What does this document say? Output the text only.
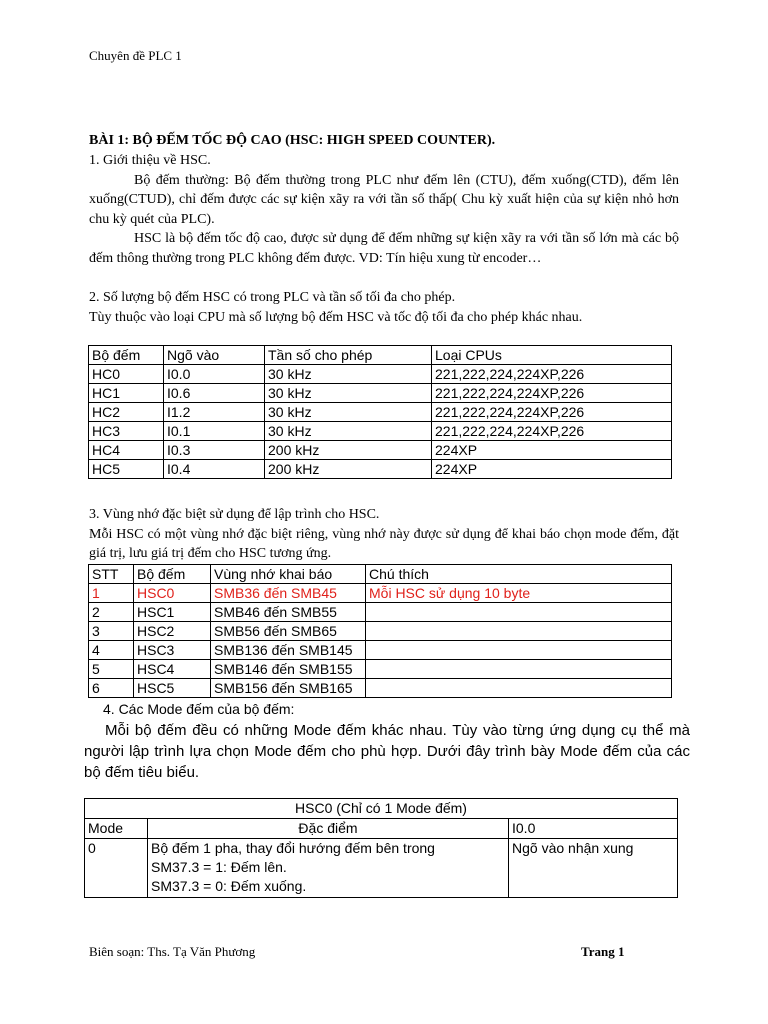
Chuyên đề PLC 1
BÀI 1: BỘ ĐẾM TỐC ĐỘ CAO (HSC: HIGH SPEED COUNTER).
1. Giới thiệu về HSC.
Bộ đếm thường: Bộ đếm thường trong PLC như đếm lên (CTU), đếm xuống(CTD), đếm lên xuống(CTUD), chỉ đếm được các sự kiện xãy ra với tần số thấp( Chu kỳ xuất hiện của sự kiện nhỏ hơn chu kỳ quét của PLC).
HSC là bộ đếm tốc độ cao, được sử dụng để đếm những sự kiện xãy ra với tần số lớn mà các bộ đếm thông thường trong PLC không đếm được. VD: Tín hiệu xung từ encoder…
2. Số lượng bộ đếm HSC có trong PLC và tần số tối đa cho phép.
Tùy thuộc vào loại CPU mà số lượng bộ đếm HSC và tốc độ tối đa cho phép khác nhau.
Bộ đếm	Ngõ vào	Tần số cho phép	Loại CPUs
HC0	I0.0	30 kHz	221,222,224,224XP,226
HC1	I0.6	30 kHz	221,222,224,224XP,226
HC2	I1.2	30 kHz	221,222,224,224XP,226
HC3	I0.1	30 kHz	221,222,224,224XP,226
HC4	I0.3	200 kHz	224XP
HC5	I0.4	200 kHz	224XP
3. Vùng nhớ đặc biệt sử dụng để lập trình cho HSC.
Mỗi HSC có một vùng nhớ đặc biệt riêng, vùng nhớ này được sử dụng để khai báo chọn mode đếm, đặt giá trị, lưu giá trị đếm cho HSC tương ứng.
STT	Bộ đếm	Vùng nhớ khai báo	Chú thích
1	HSC0	SMB36 đến SMB45	Mỗi HSC sử dụng 10 byte
2	HSC1	SMB46 đến SMB55	
3	HSC2	SMB56 đến SMB65	
4	HSC3	SMB136 đến SMB145	
5	HSC4	SMB146 đến SMB155	
6	HSC5	SMB156 đến SMB165	
4. Các Mode đếm của bộ đếm:
Mỗi bộ đếm đều có những Mode đếm khác nhau. Tùy vào từng ứng dụng cụ thể mà người lập trình lựa chọn Mode đếm cho phù hợp. Dưới đây trình bày Mode đếm của các bộ đếm tiêu biểu.
HSC0 (Chỉ có 1 Mode đếm)		
Mode	Đặc điểm	I0.0
0	Bộ đếm 1 pha, thay đổi hướng đếm bên trong
SM37.3 = 1: Đếm lên.
SM37.3 = 0: Đếm xuống.	Ngõ vào nhận xung
Biên soạn: Ths. Tạ Văn Phương	Trang 1
